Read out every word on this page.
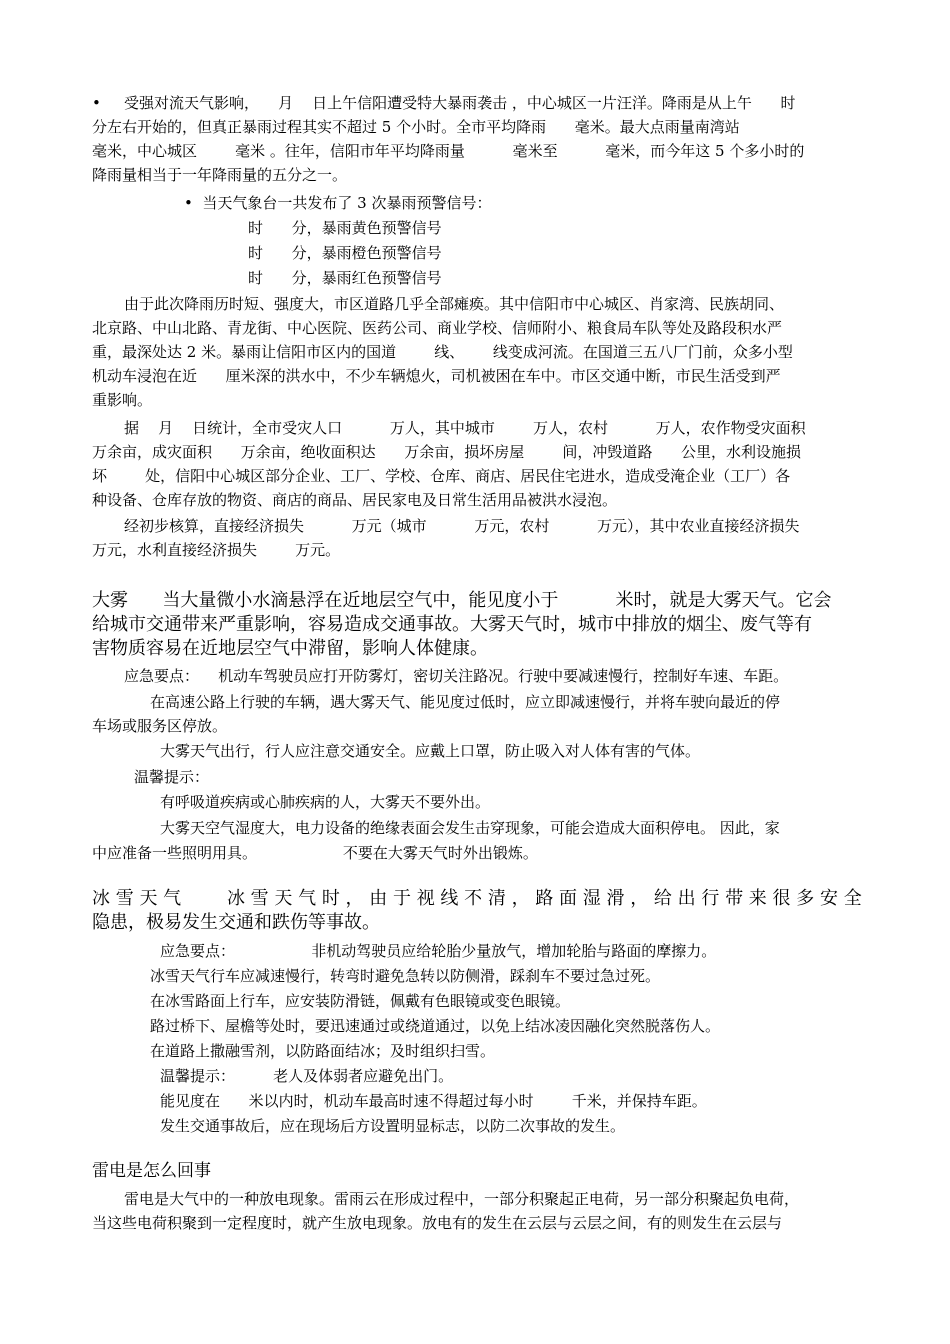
• 受强对流天气影响，    月    日上午信阳遭受特大暴雨袭击 ，中心城区一片汪洋。降雨是从上午      时
分左右开始的，但真正暴雨过程其实不超过 5 个小时。全市平均降雨      毫米。最大点雨量南湾站
毫米，中心城区        毫米 。往年，信阳市年平均降雨量          毫米至          毫米，而今年这 5 个多小时的
降雨量相当于一年降雨量的五分之一。
•  当天气象台一共发布了 3 次暴雨预警信号：
时      分，暴雨黄色预警信号
时      分，暴雨橙色预警信号
时      分，暴雨红色预警信号
由于此次降雨历时短、强度大，市区道路几乎全部瘫痪。其中信阳市中心城区、肖家湾、民族胡同、
北京路、中山北路、青龙街、中心医院、医药公司、商业学校、信师附小、粮食局车队等处及路段积水严
重，最深处达 2 米。暴雨让信阳市区内的国道        线、      线变成河流。在国道三五八厂门前，众多小型
机动车浸泡在近      厘米深的洪水中，不少车辆熄火，司机被困在车中。市区交通中断，市民生活受到严
重影响。
据    月    日统计，全市受灾人口          万人，其中城市        万人，农村          万人，农作物受灾面积
万余亩，成灾面积      万余亩，绝收面积达      万余亩，损坏房屋        间，冲毁道路      公里，水利设施损
坏        处，信阳中心城区部分企业、工厂、学校、仓库、商店、居民住宅进水，造成受淹企业（工厂）各
种设备、仓库存放的物资、商店的商品、居民家电及日常生活用品被洪水浸泡。
经初步核算，直接经济损失          万元（城市          万元，农村          万元），其中农业直接经济损失
万元，水利直接经济损失        万元。
大雾      当大量微小水滴悬浮在近地层空气中，能见度小于          米时，就是大雾天气。它会
给城市交通带来严重影响，容易造成交通事故。大雾天气时，城市中排放的烟尘、废气等有
害物质容易在近地层空气中滞留，影响人体健康。
应急要点：    机动车驾驶员应打开防雾灯，密切关注路况。行驶中要减速慢行，控制好车速、车距。
在高速公路上行驶的车辆，遇大雾天气、能见度过低时，应立即减速慢行，并将车驶向最近的停
车场或服务区停放。
大雾天气出行，行人应注意交通安全。应戴上口罩，防止吸入对人体有害的气体。
温馨提示：
有呼吸道疾病或心肺疾病的人，大雾天不要外出。
大雾天空气湿度大，电力设备的绝缘表面会发生击穿现象，可能会造成大面积停电。 因此，家
中应准备一些照明用具。                  不要在大雾天气时外出锻炼。
冰 雪 天 气        冰 雪 天 气 时 ， 由 于 视 线 不 清 ， 路 面 湿 滑 ， 给 出 行 带 来 很 多 安 全
隐患，极易发生交通和跌伤等事故。
应急要点：                非机动驾驶员应给轮胎少量放气，增加轮胎与路面的摩擦力。
冰雪天气行车应减速慢行，转弯时避免急转以防侧滑，踩刹车不要过急过死。
在冰雪路面上行车，应安装防滑链，佩戴有色眼镜或变色眼镜。
路过桥下、屋檐等处时，要迅速通过或绕道通过，以免上结冰凌因融化突然脱落伤人。
在道路上撒融雪剂，以防路面结冰；及时组织扫雪。
温馨提示：        老人及体弱者应避免出门。
能见度在      米以内时，机动车最高时速不得超过每小时        千米，并保持车距。
发生交通事故后，应在现场后方设置明显标志，以防二次事故的发生。
雷电是怎么回事
雷电是大气中的一种放电现象。雷雨云在形成过程中，一部分积聚起正电荷，另一部分积聚起负电荷，
当这些电荷积聚到一定程度时，就产生放电现象。放电有的发生在云层与云层之间，有的则发生在云层与
